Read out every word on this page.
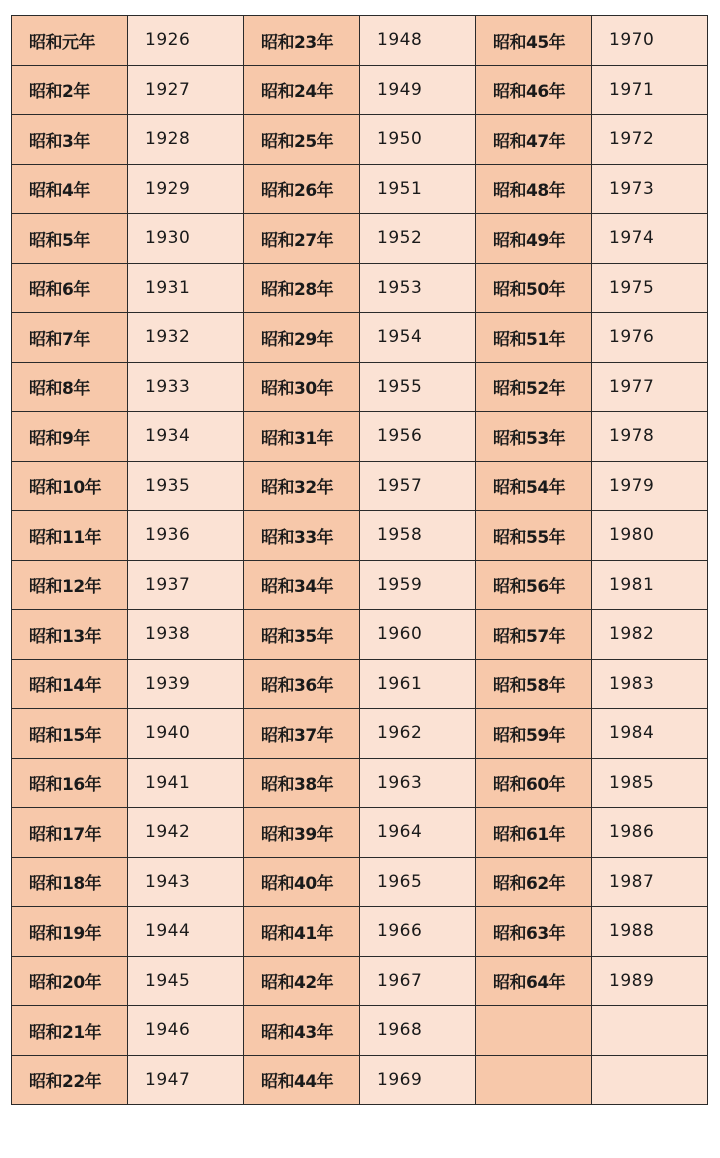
昭和元年	1926	昭和23年	1948	昭和45年	1970
昭和2年	1927	昭和24年	1949	昭和46年	1971
昭和3年	1928	昭和25年	1950	昭和47年	1972
昭和4年	1929	昭和26年	1951	昭和48年	1973
昭和5年	1930	昭和27年	1952	昭和49年	1974
昭和6年	1931	昭和28年	1953	昭和50年	1975
昭和7年	1932	昭和29年	1954	昭和51年	1976
昭和8年	1933	昭和30年	1955	昭和52年	1977
昭和9年	1934	昭和31年	1956	昭和53年	1978
昭和10年	1935	昭和32年	1957	昭和54年	1979
昭和11年	1936	昭和33年	1958	昭和55年	1980
昭和12年	1937	昭和34年	1959	昭和56年	1981
昭和13年	1938	昭和35年	1960	昭和57年	1982
昭和14年	1939	昭和36年	1961	昭和58年	1983
昭和15年	1940	昭和37年	1962	昭和59年	1984
昭和16年	1941	昭和38年	1963	昭和60年	1985
昭和17年	1942	昭和39年	1964	昭和61年	1986
昭和18年	1943	昭和40年	1965	昭和62年	1987
昭和19年	1944	昭和41年	1966	昭和63年	1988
昭和20年	1945	昭和42年	1967	昭和64年	1989
昭和21年	1946	昭和43年	1968		
昭和22年	1947	昭和44年	1969		
